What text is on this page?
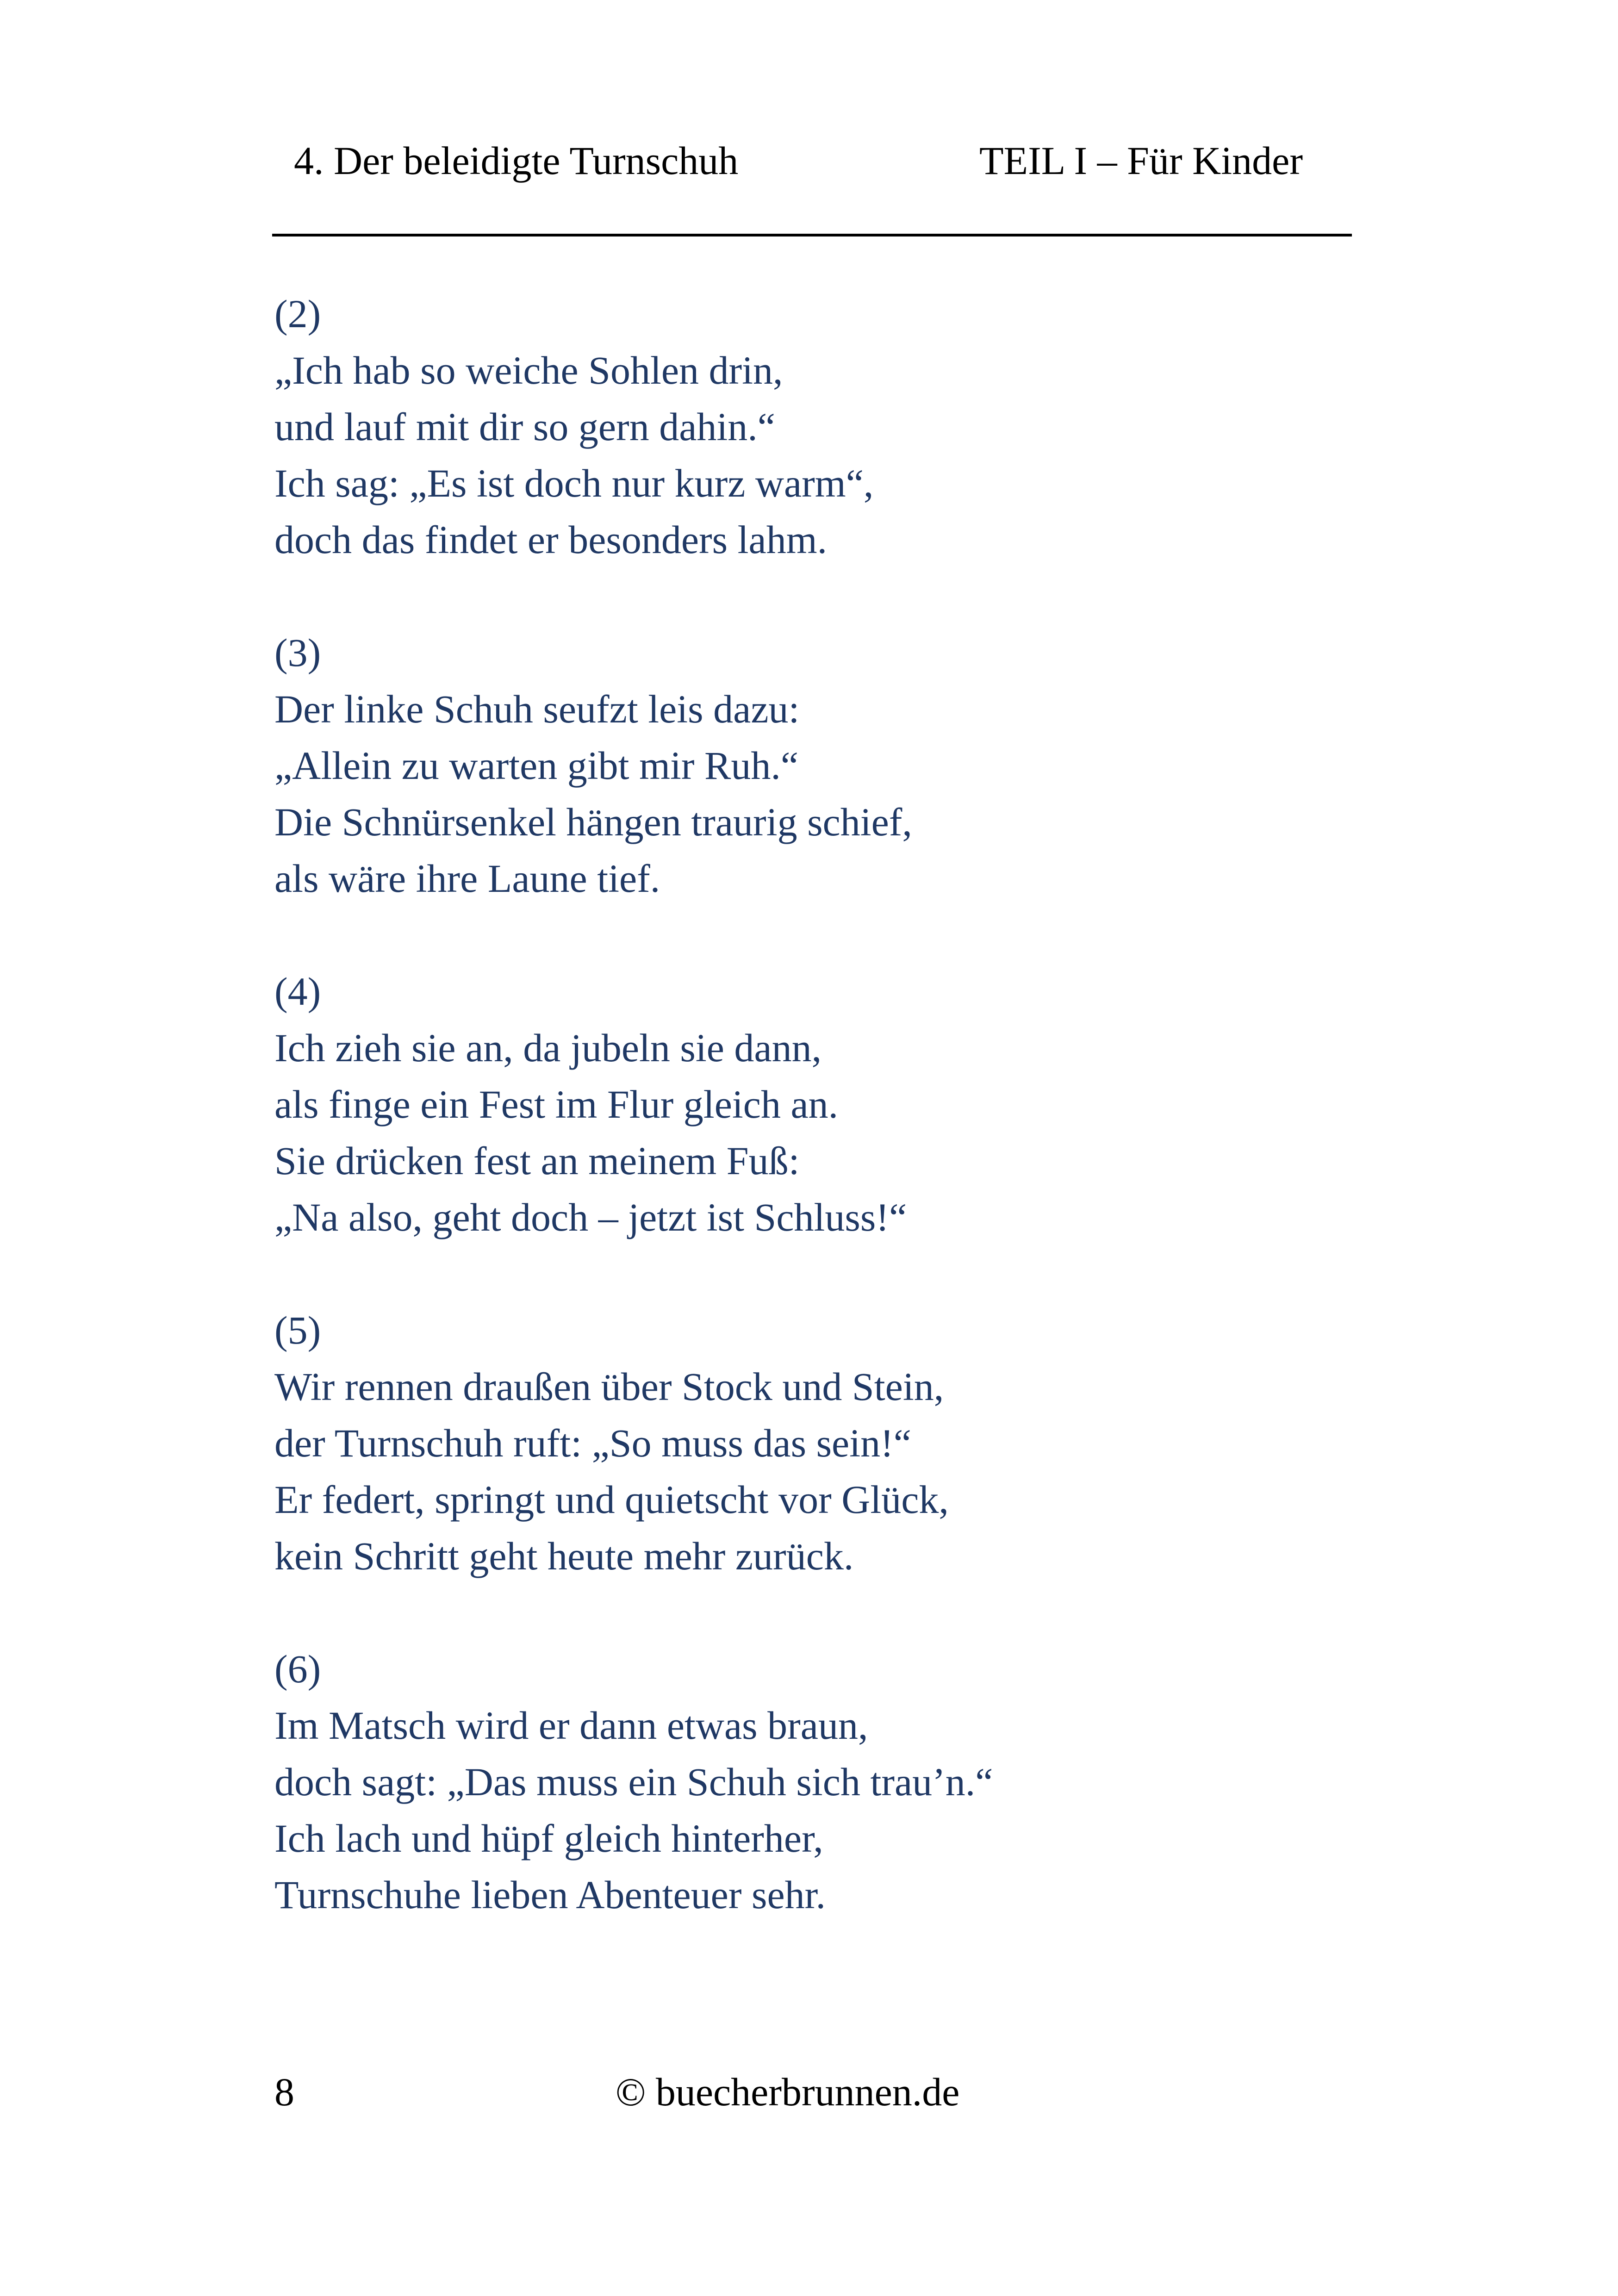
4. Der beleidigte Turnschuh	TEIL I – Für Kinder
(2)
„Ich hab so weiche Sohlen drin,
und lauf mit dir so gern dahin.“
Ich sag: „Es ist doch nur kurz warm“,
doch das findet er besonders lahm.
(3)
Der linke Schuh seufzt leis dazu:
„Allein zu warten gibt mir Ruh.“
Die Schnürsenkel hängen traurig schief,
als wäre ihre Laune tief.
(4)
Ich zieh sie an, da jubeln sie dann,
als finge ein Fest im Flur gleich an.
Sie drücken fest an meinem Fuß:
„Na also, geht doch – jetzt ist Schluss!“
(5)
Wir rennen draußen über Stock und Stein,
der Turnschuh ruft: „So muss das sein!“
Er federt, springt und quietscht vor Glück,
kein Schritt geht heute mehr zurück.
(6)
Im Matsch wird er dann etwas braun,
doch sagt: „Das muss ein Schuh sich trau’n.“
Ich lach und hüpf gleich hinterher,
Turnschuhe lieben Abenteuer sehr.
8	© buecherbrunnen.de
